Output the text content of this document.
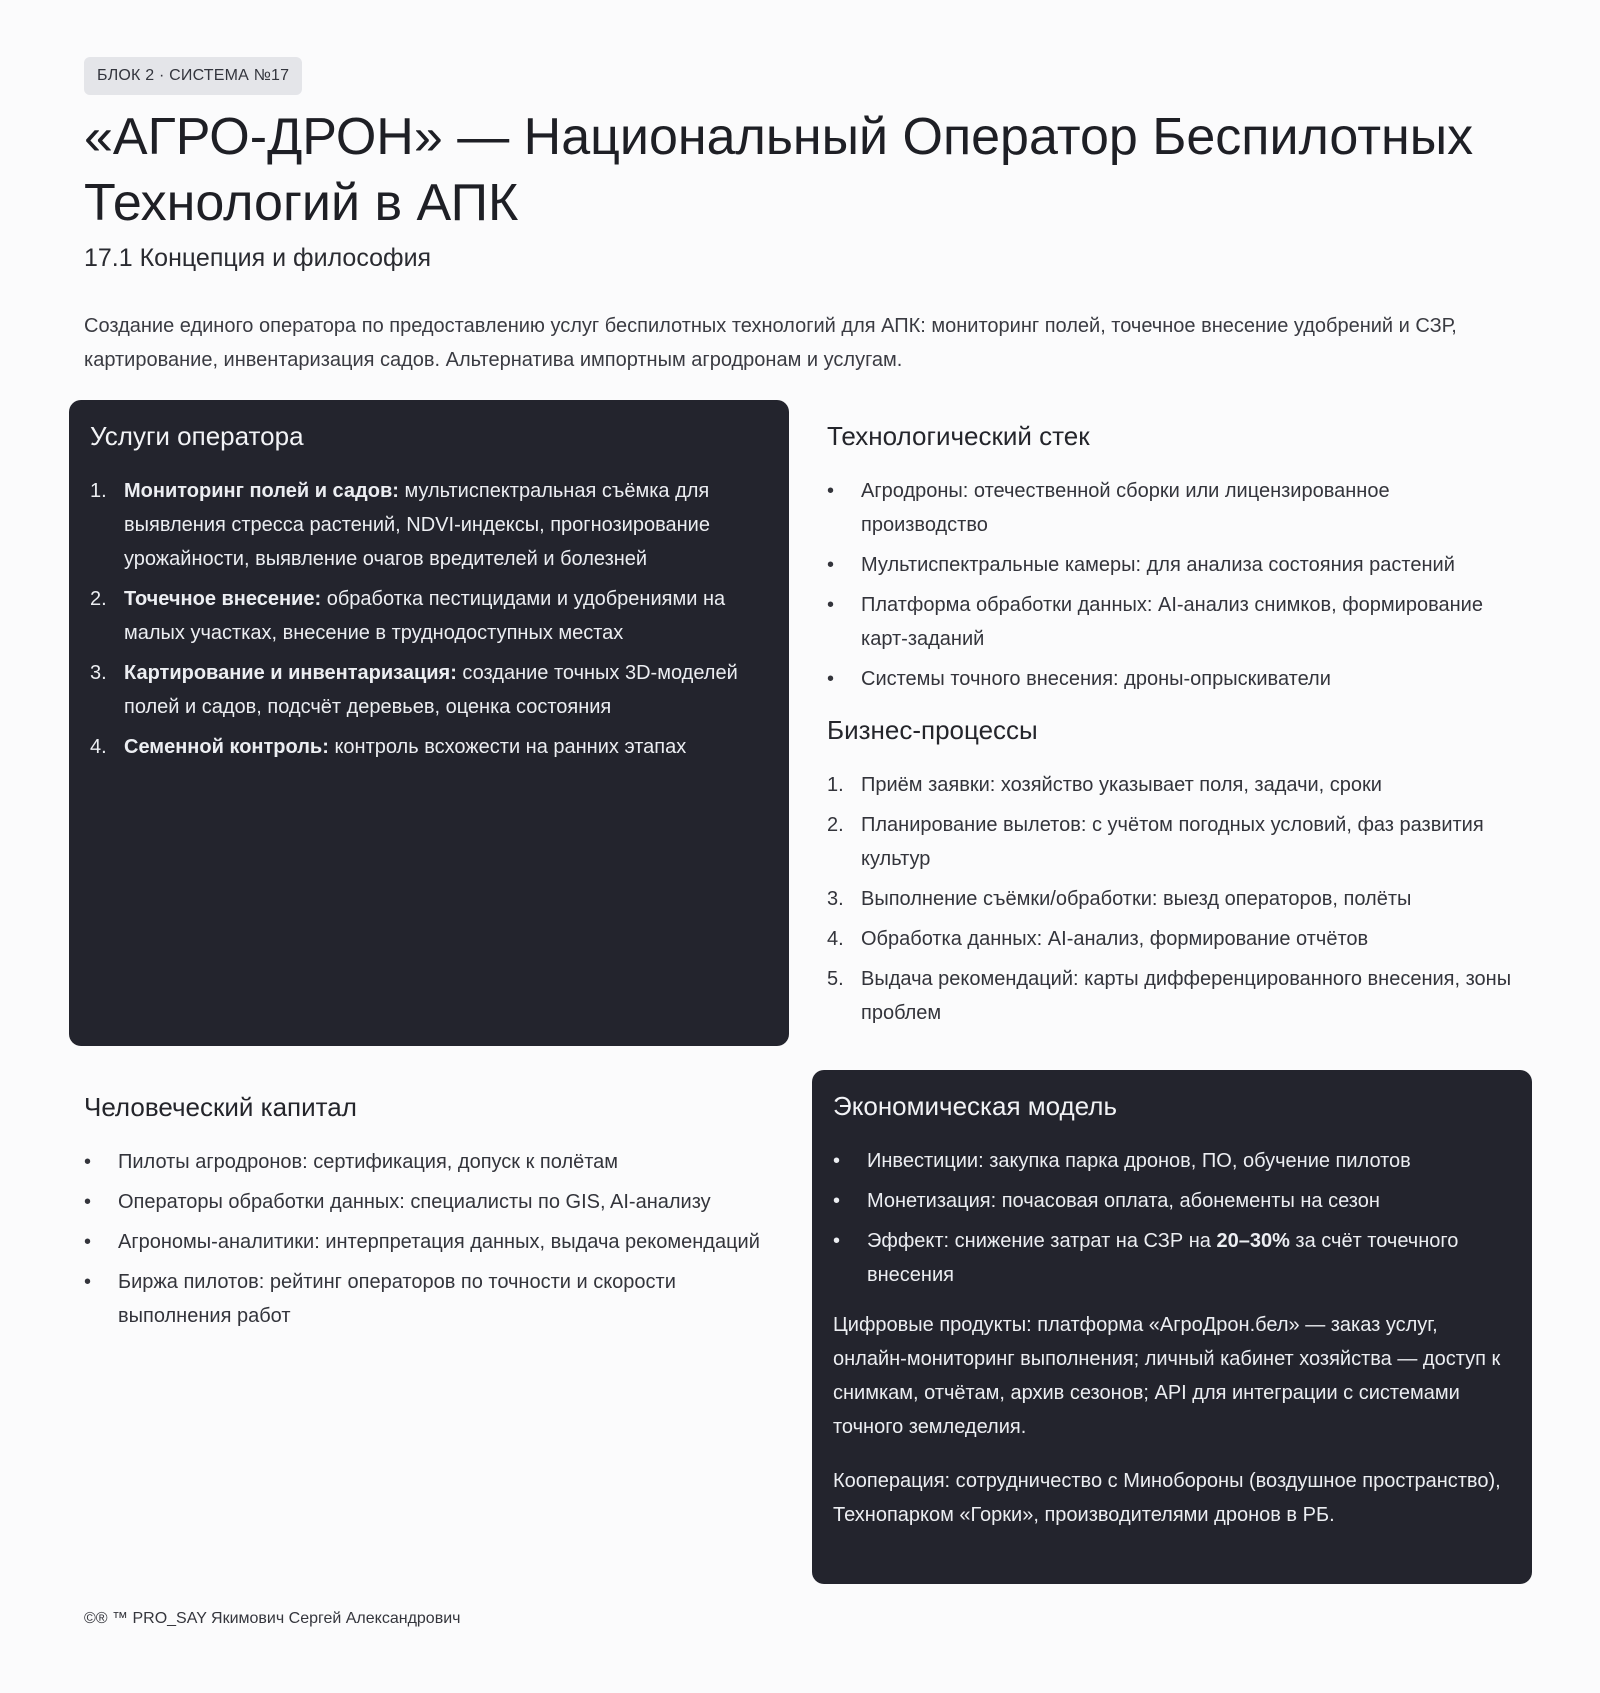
БЛОК 2 · СИСТЕМА №17
«АГРО-ДРОН» — Национальный Оператор Беспилотных Технологий в АПК
17.1 Концепция и философия

Создание единого оператора по предоставлению услуг беспилотных технологий для АПК: мониторинг полей, точечное внесение удобрений и СЗР, картирование, инвентаризация садов. Альтернатива импортным агродронам и услугам.

Услуги оператора
1. Мониторинг полей и садов: мультиспектральная съёмка для выявления стресса растений, NDVI-индексы, прогнозирование урожайности, выявление очагов вредителей и болезней
2. Точечное внесение: обработка пестицидами и удобрениями на малых участках, внесение в труднодоступных местах
3. Картирование и инвентаризация: создание точных 3D-моделей полей и садов, подсчёт деревьев, оценка состояния
4. Семенной контроль: контроль всхожести на ранних этапах
Технологический стек
• Агродроны: отечественной сборки или лицензированное производство
• Мультиспектральные камеры: для анализа состояния растений
• Платформа обработки данных: AI-анализ снимков, формирование карт-заданий
• Системы точного внесения: дроны-опрыскиватели
Бизнес-процессы
1. Приём заявки: хозяйство указывает поля, задачи, сроки
2. Планирование вылетов: с учётом погодных условий, фаз развития культур
3. Выполнение съёмки/обработки: выезд операторов, полёты
4. Обработка данных: AI-анализ, формирование отчётов
5. Выдача рекомендаций: карты дифференцированного внесения, зоны проблем
Человеческий капитал
• Пилоты агродронов: сертификация, допуск к полётам
• Операторы обработки данных: специалисты по GIS, AI-анализу
• Агрономы-аналитики: интерпретация данных, выдача рекомендаций
• Биржа пилотов: рейтинг операторов по точности и скорости выполнения работ
Экономическая модель
• Инвестиции: закупка парка дронов, ПО, обучение пилотов
• Монетизация: почасовая оплата, абонементы на сезон
• Эффект: снижение затрат на СЗР на 20–30% за счёт точечного внесения

Цифровые продукты: платформа «АгроДрон.бел» — заказ услуг, онлайн-мониторинг выполнения; личный кабинет хозяйства — доступ к снимкам, отчётам, архив сезонов; API для интеграции с системами точного земледелия.

Кооперация: сотрудничество с Минобороны (воздушное пространство), Технопарком «Горки», производителями дронов в РБ.

©® ™ PRO_SAY Якимович Сергей Александрович
